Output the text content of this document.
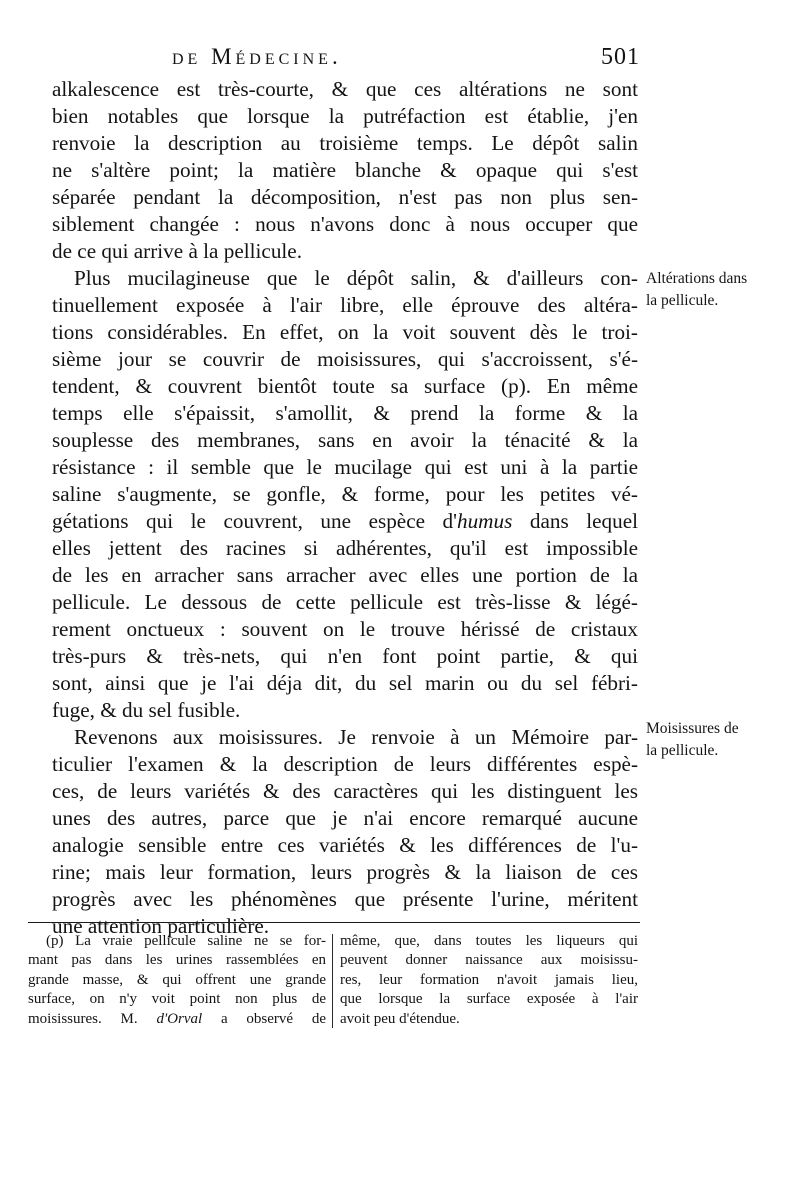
de Médecine.	501
alkalescence est très-courte, & que ces altérations ne sont
bien notables que lorsque la putréfaction est établie, j'en
renvoie la description au troisième temps. Le dépôt salin
ne s'altère point; la matière blanche & opaque qui s'est
séparée pendant la décomposition, n'est pas non plus sen-
siblement changée : nous n'avons donc à nous occuper que
de ce qui arrive à la pellicule.
Plus mucilagineuse que le dépôt salin, & d'ailleurs con-
tinuellement exposée à l'air libre, elle éprouve des altéra-
tions considérables. En effet, on la voit souvent dès le troi-
sième jour se couvrir de moisissures, qui s'accroissent, s'é-
tendent, & couvrent bientôt toute sa surface (p). En même
temps elle s'épaissit, s'amollit, & prend la forme & la
souplesse des membranes, sans en avoir la ténacité & la
résistance : il semble que le mucilage qui est uni à la partie
saline s'augmente, se gonfle, & forme, pour les petites vé-
gétations qui le couvrent, une espèce d'humus dans lequel
elles jettent des racines si adhérentes, qu'il est impossible
de les en arracher sans arracher avec elles une portion de la
pellicule. Le dessous de cette pellicule est très-lisse & légé-
rement onctueux : souvent on le trouve hérissé de cristaux
très-purs & très-nets, qui n'en font point partie, & qui
sont, ainsi que je l'ai déja dit, du sel marin ou du sel fébri-
fuge, & du sel fusible.
Revenons aux moisissures. Je renvoie à un Mémoire par-
ticulier l'examen & la description de leurs différentes espè-
ces, de leurs variétés & des caractères qui les distinguent les
unes des autres, parce que je n'ai encore remarqué aucune
analogie sensible entre ces variétés & les différences de l'u-
rine; mais leur formation, leurs progrès & la liaison de ces
progrès avec les phénomènes que présente l'urine, méritent
une attention particulière.
Altérations dans
la pellicule.
Moisissures de
la pellicule.
(p) La vraie pellicule saline ne se for-
mant pas dans les urines rassemblées en
grande masse, & qui offrent une grande
surface, on n'y voit point non plus de
moisissures. M. d'Orval a observé de
même, que, dans toutes les liqueurs qui
peuvent donner naissance aux moisissu-
res, leur formation n'avoit jamais lieu,
que lorsque la surface exposée à l'air
avoit peu d'étendue.
